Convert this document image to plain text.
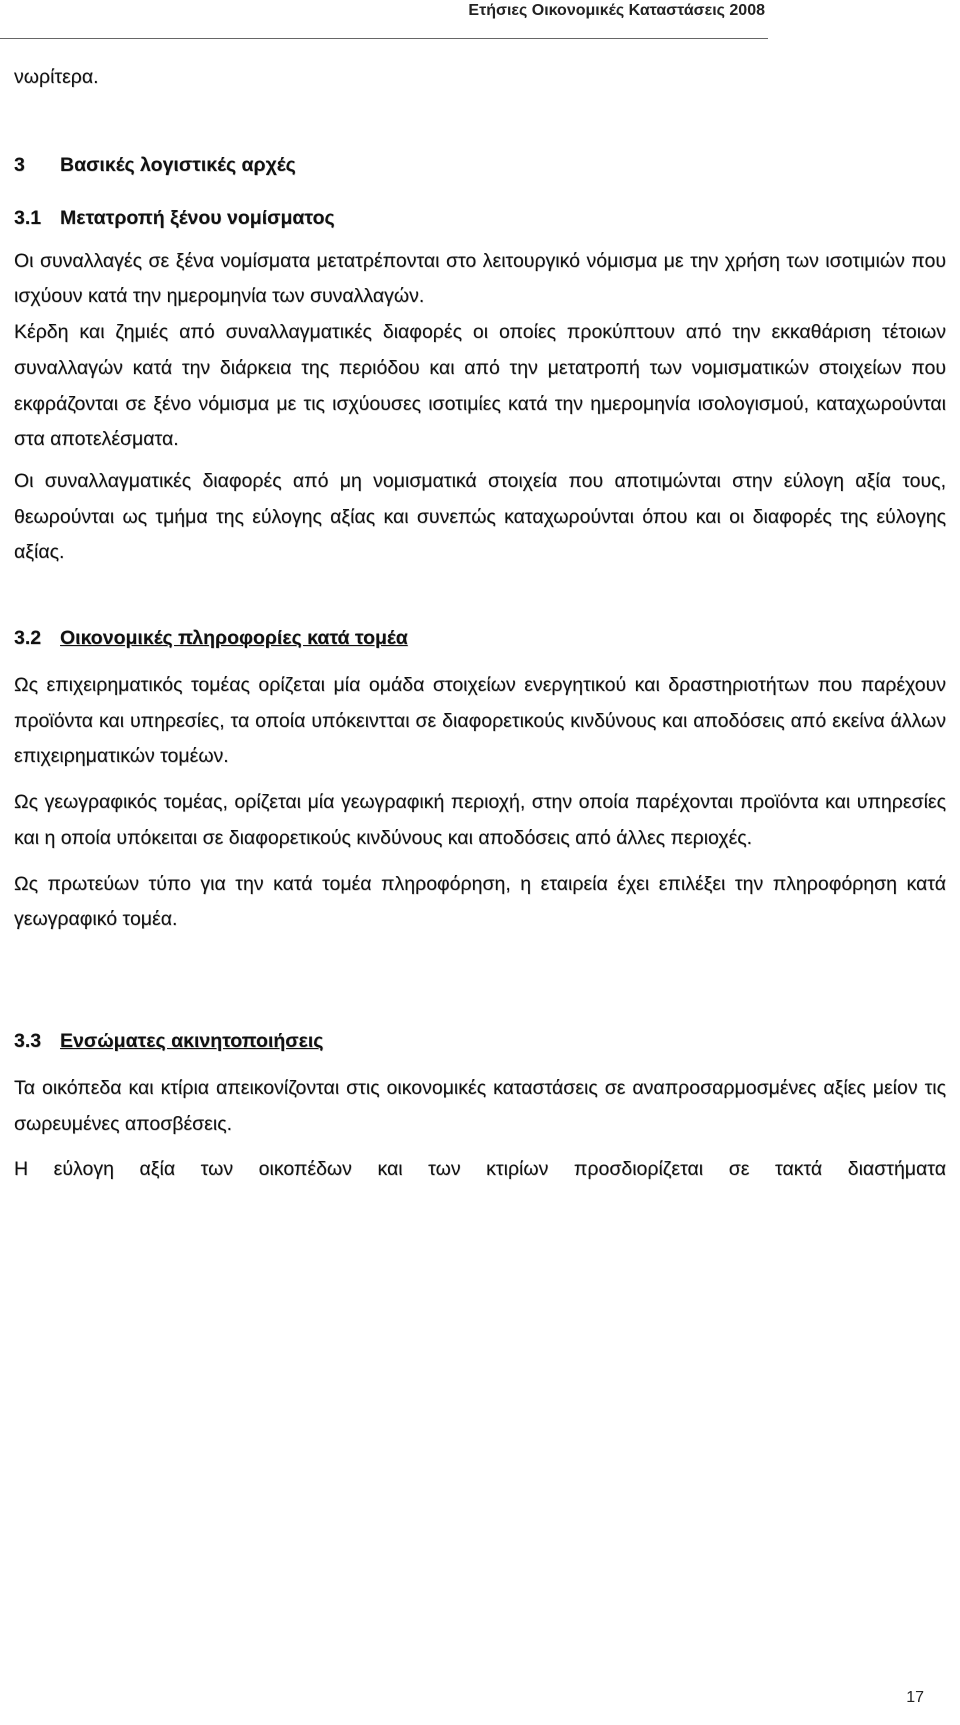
Ετήσιες Οικονομικές Καταστάσεις 2008

νωρίτερα.

3 Βασικές λογιστικές αρχές
3.1 Μετατροπή ξένου νομίσματος

Οι συναλλαγές σε ξένα νομίσματα μετατρέπονται στο λειτουργικό νόμισμα με την χρήση των ισοτιμιών που ισχύουν κατά την ημερομηνία των συναλλαγών.

Κέρδη και ζημιές από συναλλαγματικές διαφορές οι οποίες προκύπτουν από την εκκαθάριση τέτοιων συναλλαγών κατά την διάρκεια της περιόδου και από την μετατροπή των νομισματικών στοιχείων που εκφράζονται σε ξένο νόμισμα με τις ισχύουσες ισοτιμίες κατά την ημερομηνία ισολογισμού, καταχωρούνται στα αποτελέσματα.

Οι συναλλαγματικές διαφορές από μη νομισματικά στοιχεία που αποτιμώνται στην εύλογη αξία τους, θεωρούνται ως τμήμα της εύλογης αξίας και συνεπώς καταχωρούνται όπου και οι διαφορές της εύλογης αξίας.

3.2 Οικονομικές πληροφορίες κατά τομέα

Ως επιχειρηματικός τομέας ορίζεται μία ομάδα στοιχείων ενεργητικού και δραστηριοτήτων που παρέχουν προϊόντα και υπηρεσίες, τα οποία υπόκειντται σε διαφορετικούς κινδύνους και αποδόσεις από εκείνα άλλων επιχειρηματικών τομέων.

Ως γεωγραφικός τομέας, ορίζεται μία γεωγραφική περιοχή, στην οποία παρέχονται προϊόντα και υπηρεσίες και η οποία υπόκειται σε διαφορετικούς κινδύνους και αποδόσεις από άλλες περιοχές.

Ως πρωτεύων τύπο για την κατά τομέα πληροφόρηση, η εταιρεία έχει επιλέξει την πληροφόρηση κατά γεωγραφικό τομέα.

3.3 Ενσώματες ακινητοποιήσεις

Τα οικόπεδα και κτίρια απεικονίζονται στις οικονομικές καταστάσεις σε αναπροσαρμοσμένες αξίες μείον τις σωρευμένες αποσβέσεις.

Η εύλογη αξία των οικοπέδων και των κτιρίων προσδιορίζεται σε τακτά διαστήματα

17
